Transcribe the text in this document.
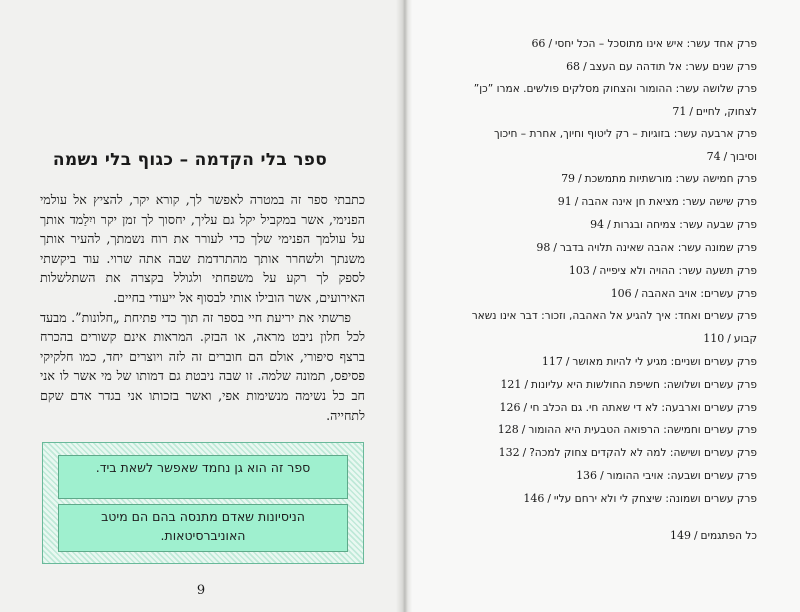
ספר בלי הקדמה – כגוף בלי נשמה

כתבתי ספר זה במטרה לאפשר לך, קורא יקר, להציץ אל עולמי הפנימי, אשר במקביל יקל גם עליך, יחסוך לך זמן יקר ויִלַמד אותך על עולמך הפנימי שלך כדי לעורר את רוח נשמתך, להעיר אותך משנתך ולשחרר אותך מהתרדמת שבה אתה שרוי. עוד ביקשתי לספק לך רקע על משפחתי ולגולל בקצרה את השתלשלות האירועים, אשר הובילו אותי לבסוף אל ייעודי בחיים.

פרשתי את יריעת חיי בספר זה תוך כדי פתיחת „חלונות”. מבעד לכל חלון ניבט מראה, או הבזק. המראות אינם קשורים בהכרח ברצף סיפורי, אולם הם חוברים זה לזה ויוצרים יחד, כמו חלקיקי פסיפס, תמונה שלמה. זו שבה ניבטת גם דמותו של מי אשר לו אני חב כל נשימה מנשימות אפי, ואשר בזכותו אני בגדר אדם שקם לתחייה.

ספר זה הוא גן נחמד שאפשר לשאת ביד.
הניסיונות שאדם מתנסה בהם הם מיטב האוניברסיטאות.
9
פרק אחד עשר: איש אינו מתוסכל – הכל יחסי/66
פרק שנים עשר: אל תודהה עם העצב/68
פרק שלושה עשר: ההומור והצחוק מסלקים פולשים. אמרו ”כן” לצחוק, לחיים/71
פרק ארבעה עשר: בזוגיות – רק ליטוף וחיוך, אחרת – חיכוך וסיבוך/74
פרק חמישה עשר: מורשתיות מתמשכת/79
פרק שישה עשר: מציאת חן אינה אהבה/91
פרק שבעה עשר: צמיחה ובגרות/94
פרק שמונה עשר: אהבה שאינה תלויה בדבר/98
פרק תשעה עשר: ההויה ולא ציפייה/103
פרק עשרים: אויב האהבה/106
פרק עשרים ואחד: איך להגיע אל האהבה, וזכור: דבר אינו נשאר קבוע/110
פרק עשרים ושניים: מגיע לי להיות מאושר/117
פרק עשרים ושלושה: חשיפת החולשות היא עליונות/121
פרק עשרים וארבעה: לא די שאתה חי. גם הכלב חי/126
פרק עשרים וחמישה: הרפואה הטבעית היא ההומור/128
פרק עשרים ושישה: למה לא להקדים צחוק למכה?/132
פרק עשרים ושבעה: אויבי ההומור/136
פרק עשרים ושמונה: שיצחק לי ולא ירחם עליי/146
כל הפתגמים/149
